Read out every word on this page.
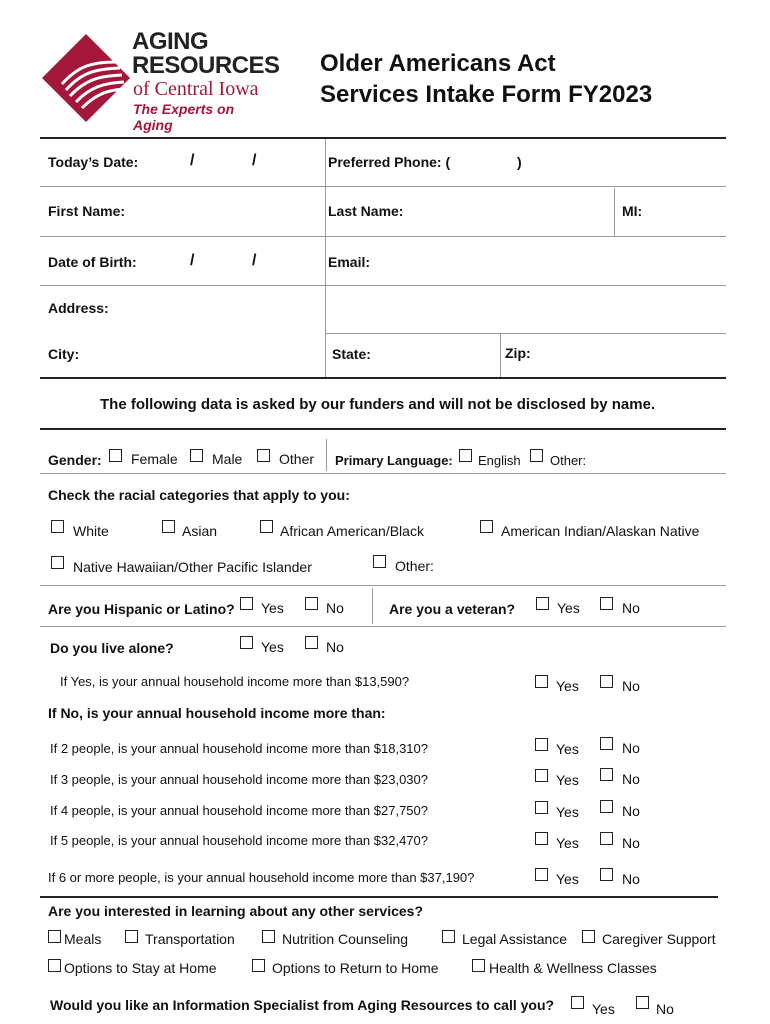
AGING
RESOURCES
of Central Iowa
The Experts on Aging
Older Americans Act
Services Intake Form FY2023
Today’s Date:	/	/	Preferred Phone: (	)
First Name:	Last Name:	MI:
Date of Birth:	/	/	Email:
Address:
City:	State:	Zip:
The following data is asked by our funders and will not be disclosed by name.
Gender: Female Male	Other Primary Language: English Other:
Check the racial categories that apply to you:
White	Asian	African American/Black	American Indian/Alaskan Native
Native Hawaiian/Other Pacific Islander	Other:
Are you Hispanic or Latino? Yes	No	Are you a veteran?	Yes	No
Do you live alone?	Yes	No
If Yes, is your annual household income more than $13,590?	Yes	No
If No, is your annual household income more than:
If 2 people, is your annual household income more than $18,310?	Yes	No
If 3 people, is your annual household income more than $23,030?	Yes	No
If 4 people, is your annual household income more than $27,750?	Yes	No
If 5 people, is your annual household income more than $32,470?	Yes	No
If 6 or more people, is your annual household income more than $37,190?	Yes	No
Are you interested in learning about any other services?
Meals	Transportation	Nutrition Counseling	Legal Assistance Caregiver Support
Options to Stay at Home	Options to Return to Home	Health & Wellness Classes
Would you like an Information Specialist from Aging Resources to call you?	Yes	No
